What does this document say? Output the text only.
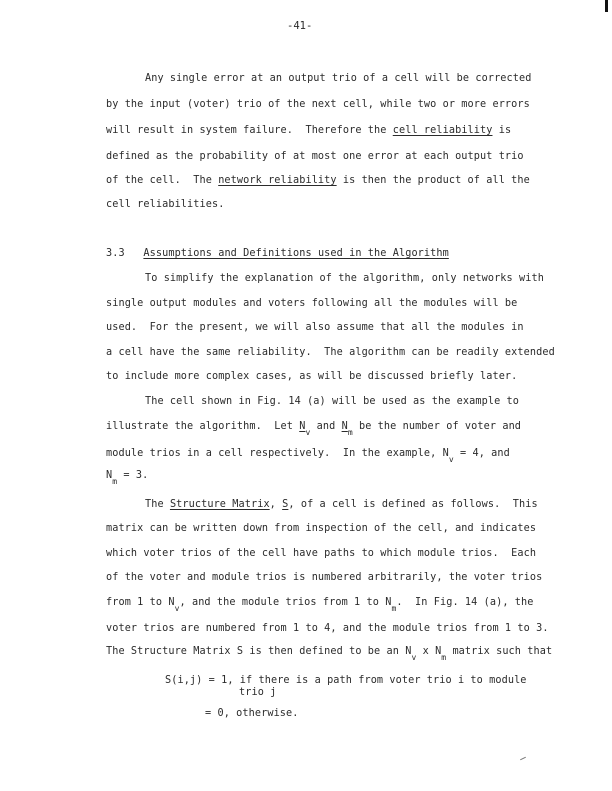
-41-
Any single error at an output trio of a cell will be corrected
by the input (voter) trio of the next cell, while two or more errors
will result in system failure.  Therefore the cell reliability is
defined as the probability of at most one error at each output trio
of the cell.  The network reliability is then the product of all the
cell reliabilities.
3.3 Assumptions and Definitions used in the Algorithm
To simplify the explanation of the algorithm, only networks with
single output modules and voters following all the modules will be
used.  For the present, we will also assume that all the modules in
a cell have the same reliability.  The algorithm can be readily extended
to include more complex cases, as will be discussed briefly later.
The cell shown in Fig. 14 (a) will be used as the example to
illustrate the algorithm.  Let $N_v$ and $N_m$ be the number of voter and
module trios in a cell respectively.  In the example, $N_v = 4$, and
$N_m = 3$.
The Structure Matrix, S, of a cell is defined as follows.  This
matrix can be written down from inspection of the cell, and indicates
which voter trios of the cell have paths to which module trios.  Each
of the voter and module trios is numbered arbitrarily, the voter trios
from 1 to $N_v$, and the module trios from 1 to $N_m$.  In Fig. 14 (a), the
voter trios are numbered from 1 to 4, and the module trios from 1 to 3.
The Structure Matrix S is then defined to be an $N_v$ x $N_m$ matrix such that
S(i,j) = 1, if there is a path from voter trio i to module
trio j
= 0, otherwise.
